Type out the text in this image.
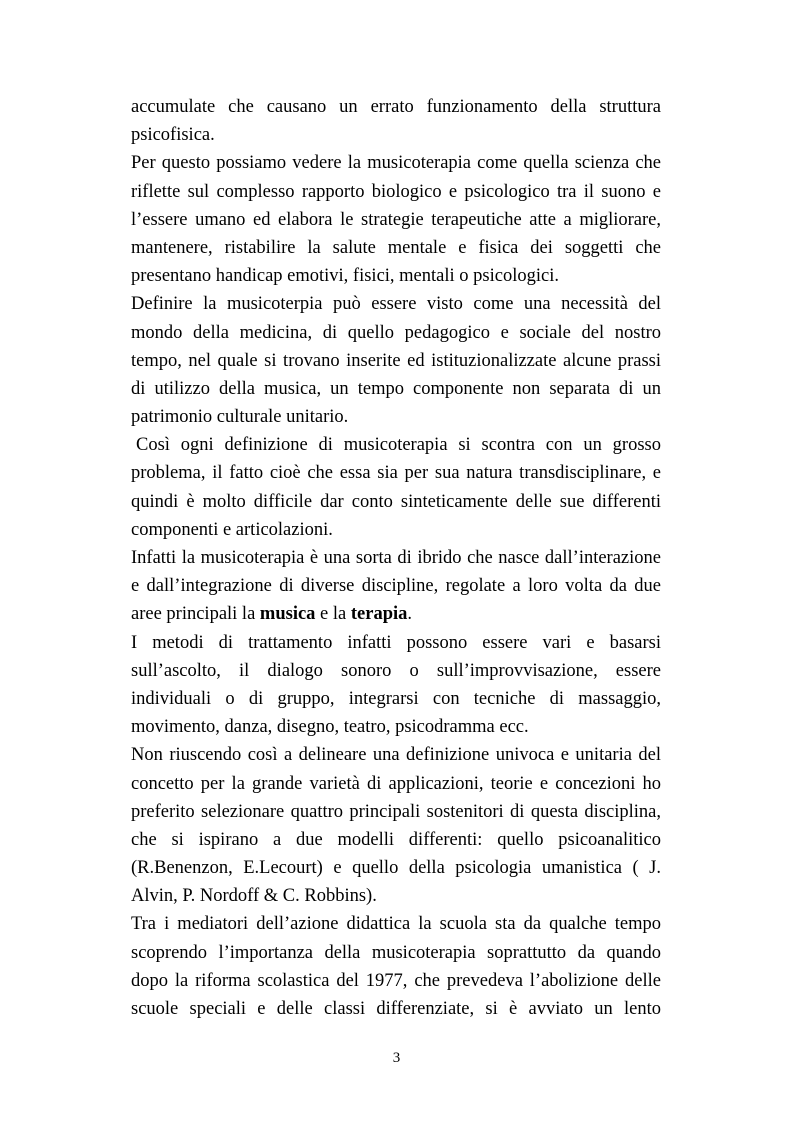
accumulate che causano un errato funzionamento della struttura
psicofisica.
Per questo possiamo vedere la musicoterapia come quella scienza che
riflette sul complesso rapporto biologico e psicologico tra il suono e
l’essere umano ed elabora le strategie terapeutiche atte a migliorare,
mantenere, ristabilire la salute mentale e fisica dei soggetti che
presentano handicap emotivi, fisici, mentali o psicologici.
Definire la musicoterpia può essere visto come una necessità del
mondo della medicina, di quello pedagogico e sociale del nostro
tempo, nel quale si trovano inserite ed istituzionalizzate alcune prassi
di utilizzo della musica, un tempo componente non separata di un
patrimonio culturale unitario.
Così ogni definizione di musicoterapia si scontra con un grosso
problema, il fatto cioè che essa sia per sua natura transdisciplinare, e
quindi è molto difficile dar conto sinteticamente delle sue differenti
componenti e articolazioni.
Infatti la musicoterapia è una sorta di ibrido che nasce dall’interazione
e dall’integrazione di diverse discipline, regolate a loro volta da due
aree principali la musica e la terapia.
I metodi di trattamento infatti possono essere vari e basarsi
sull’ascolto, il dialogo sonoro o sull’improvvisazione, essere
individuali o di gruppo, integrarsi con tecniche di massaggio,
movimento, danza, disegno, teatro, psicodramma ecc.
Non riuscendo così a delineare una definizione univoca e unitaria del
concetto per la grande varietà di applicazioni, teorie e concezioni ho
preferito selezionare quattro principali sostenitori di questa disciplina,
che si ispirano a due modelli differenti: quello psicoanalitico
(R.Benenzon, E.Lecourt) e quello della psicologia umanistica ( J.
Alvin, P. Nordoff & C. Robbins).
Tra i mediatori dell’azione didattica la scuola sta da qualche tempo
scoprendo l’importanza della musicoterapia soprattutto da quando
dopo la riforma scolastica del 1977, che prevedeva l’abolizione delle
scuole speciali e delle classi differenziate, si è avviato un lento
3
